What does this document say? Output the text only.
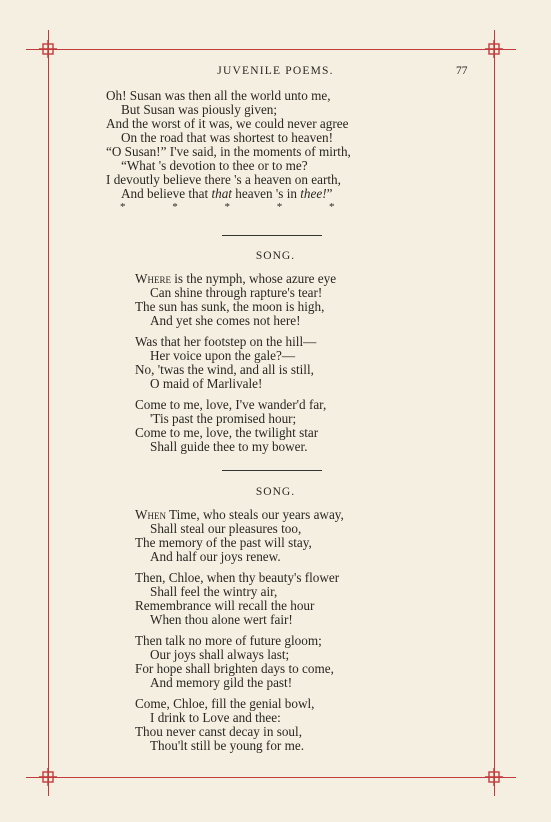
JUVENILE POEMS.	77
Oh! Susan was then all the world unto me,
But Susan was piously given;
And the worst of it was, we could never agree
On the road that was shortest to heaven!
“O Susan!” I've said, in the moments of mirth,
“What 's devotion to thee or to me?
I devoutly believe there 's a heaven on earth,
And believe that that heaven 's in thee!”
* * * * *
SONG.
Where is the nymph, whose azure eye
Can shine through rapture's tear!
The sun has sunk, the moon is high,
And yet she comes not here!
Was that her footstep on the hill—
Her voice upon the gale?—
No, 'twas the wind, and all is still,
O maid of Marlivale!
Come to me, love, I've wander'd far,
'Tis past the promised hour;
Come to me, love, the twilight star
Shall guide thee to my bower.
SONG.
When Time, who steals our years away,
Shall steal our pleasures too,
The memory of the past will stay,
And half our joys renew.
Then, Chloe, when thy beauty's flower
Shall feel the wintry air,
Remembrance will recall the hour
When thou alone wert fair!
Then talk no more of future gloom;
Our joys shall always last;
For hope shall brighten days to come,
And memory gild the past!
Come, Chloe, fill the genial bowl,
I drink to Love and thee:
Thou never canst decay in soul,
Thou'lt still be young for me.
